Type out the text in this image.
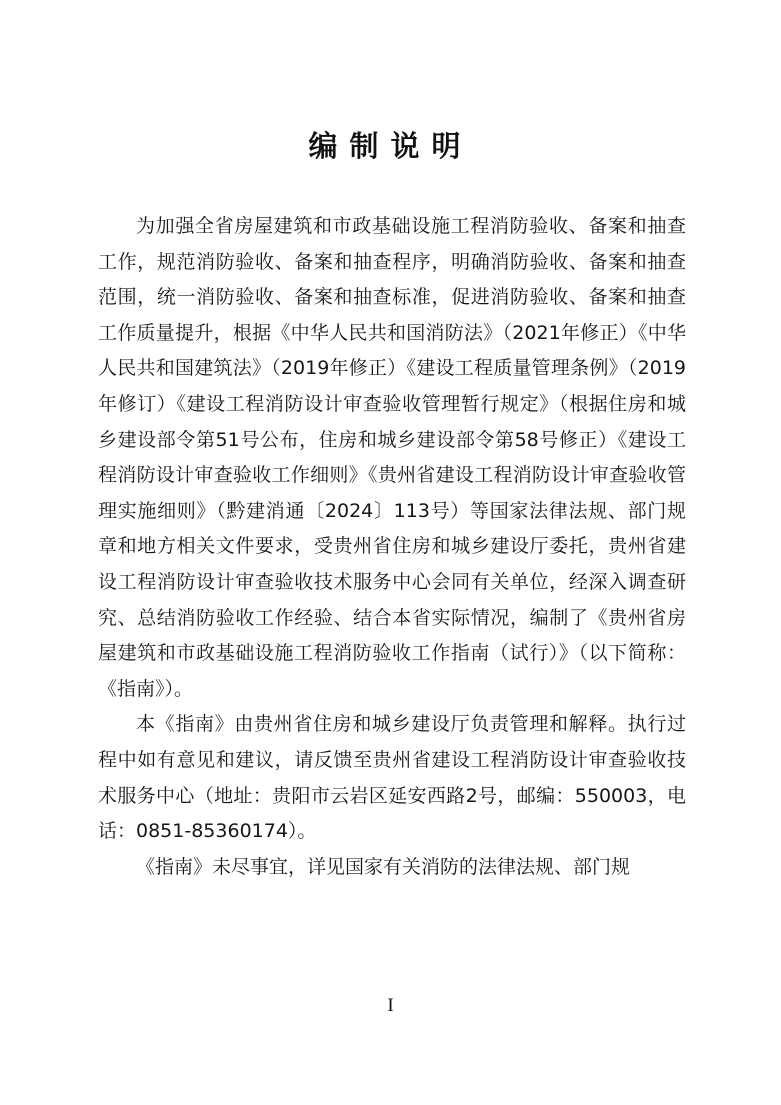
编制说明

为加强全省房屋建筑和市政基础设施工程消防验收、备案和抽查工作，规范消防验收、备案和抽查程序，明确消防验收、备案和抽查范围，统一消防验收、备案和抽查标准，促进消防验收、备案和抽查工作质量提升，根据《中华人民共和国消防法》（2021年修正）《中华人民共和国建筑法》（2019年修正）《建设工程质量管理条例》（2019年修订）《建设工程消防设计审查验收管理暂行规定》（根据住房和城乡建设部令第51号公布，住房和城乡建设部令第58号修正）《建设工程消防设计审查验收工作细则》《贵州省建设工程消防设计审查验收管理实施细则》（黔建消通〔2024〕113号）等国家法律法规、部门规章和地方相关文件要求，受贵州省住房和城乡建设厅委托，贵州省建设工程消防设计审查验收技术服务中心会同有关单位，经深入调查研究、总结消防验收工作经验、结合本省实际情况，编制了《贵州省房屋建筑和市政基础设施工程消防验收工作指南（试行）》（以下简称：《指南》）。

本《指南》由贵州省住房和城乡建设厅负责管理和解释。执行过程中如有意见和建议，请反馈至贵州省建设工程消防设计审查验收技术服务中心（地址：贵阳市云岩区延安西路2号，邮编：550003，电话：0851-85360174）。

《指南》未尽事宜，详见国家有关消防的法律法规、部门规

I
